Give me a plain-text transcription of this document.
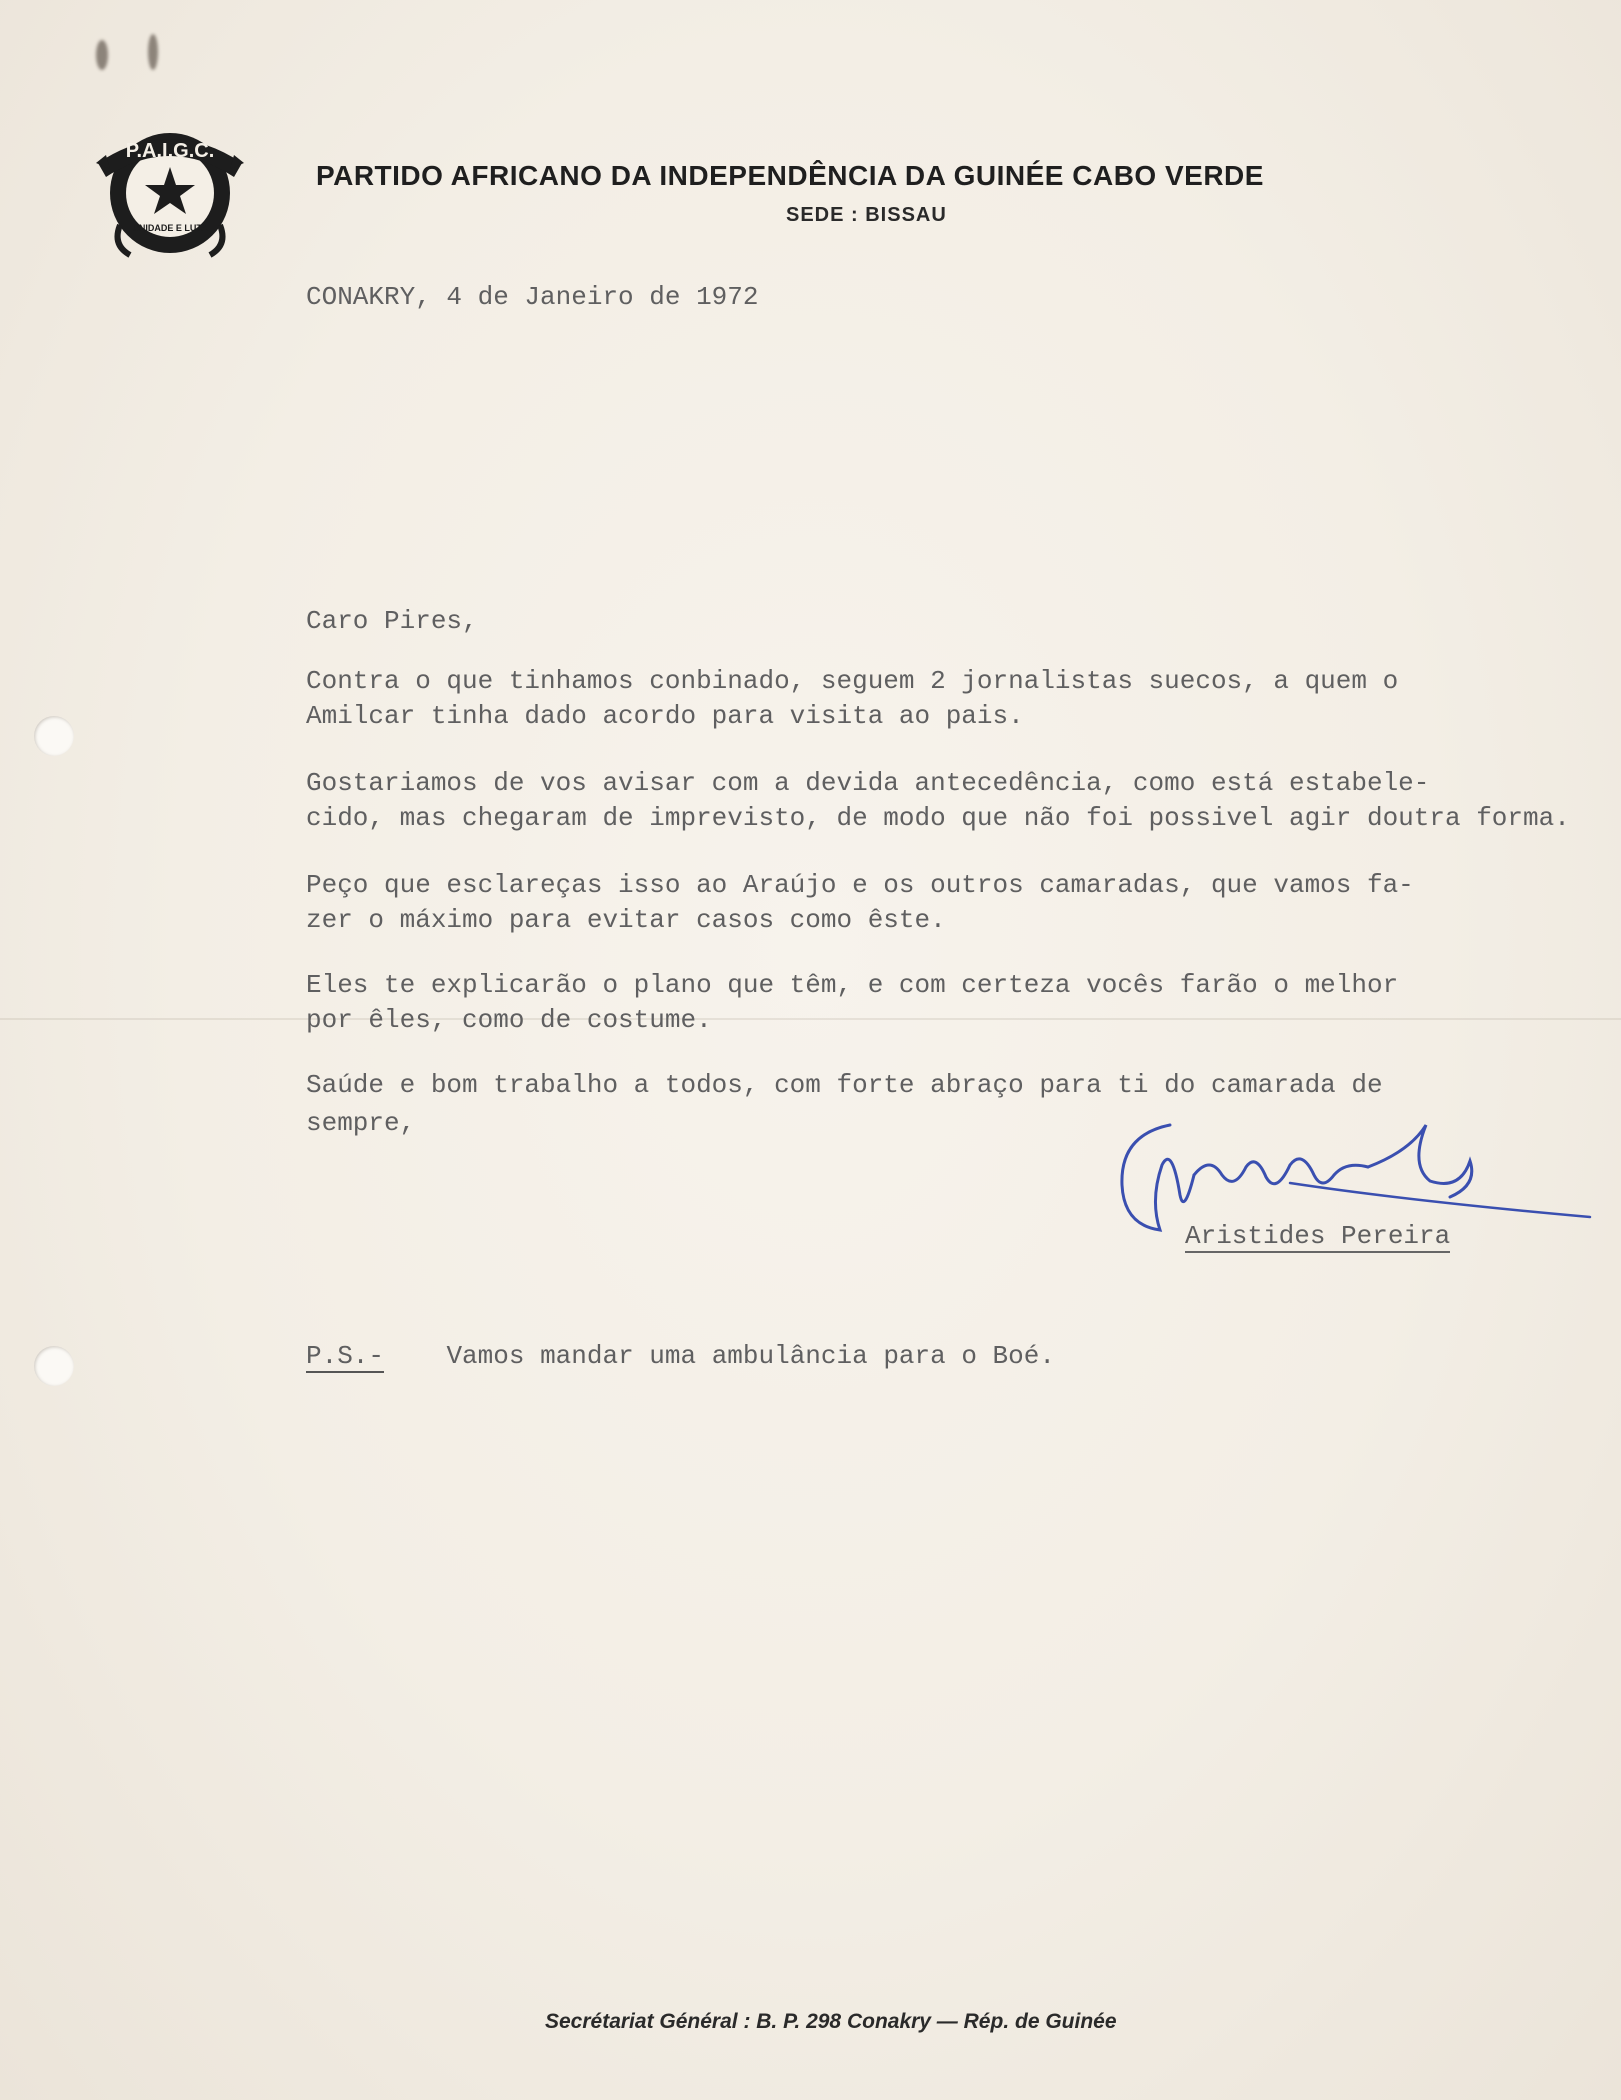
P.A.I.G.C.
UNIDADE E LUTA
PARTIDO AFRICANO DA INDEPENDÊNCIA DA GUINÉE CABO VERDE
SEDE : BISSAU
CONAKRY, 4 de Janeiro de 1972
Caro Pires,
Contra o que tinhamos conbinado, seguem 2 jornalistas suecos, a quem o
Amilcar tinha dado acordo para visita ao pais.
Gostariamos de vos avisar com a devida antecedência, como está estabele-
cido, mas chegaram de imprevisto, de modo que não foi possivel agir doutra forma.
Peço que esclareças isso ao Araújo e os outros camaradas, que vamos fa-
zer o máximo para evitar casos como êste.
Eles te explicarão o plano que têm, e com certeza vocês farão o melhor
por êles, como de costume.
Saúde e bom trabalho a todos, com forte abraço para ti do camarada de
sempre,
Aristides Pereira
P.S.- Vamos mandar uma ambulância para o Boé.
Secrétariat Général : B. P. 298 Conakry — Rép. de Guinée
